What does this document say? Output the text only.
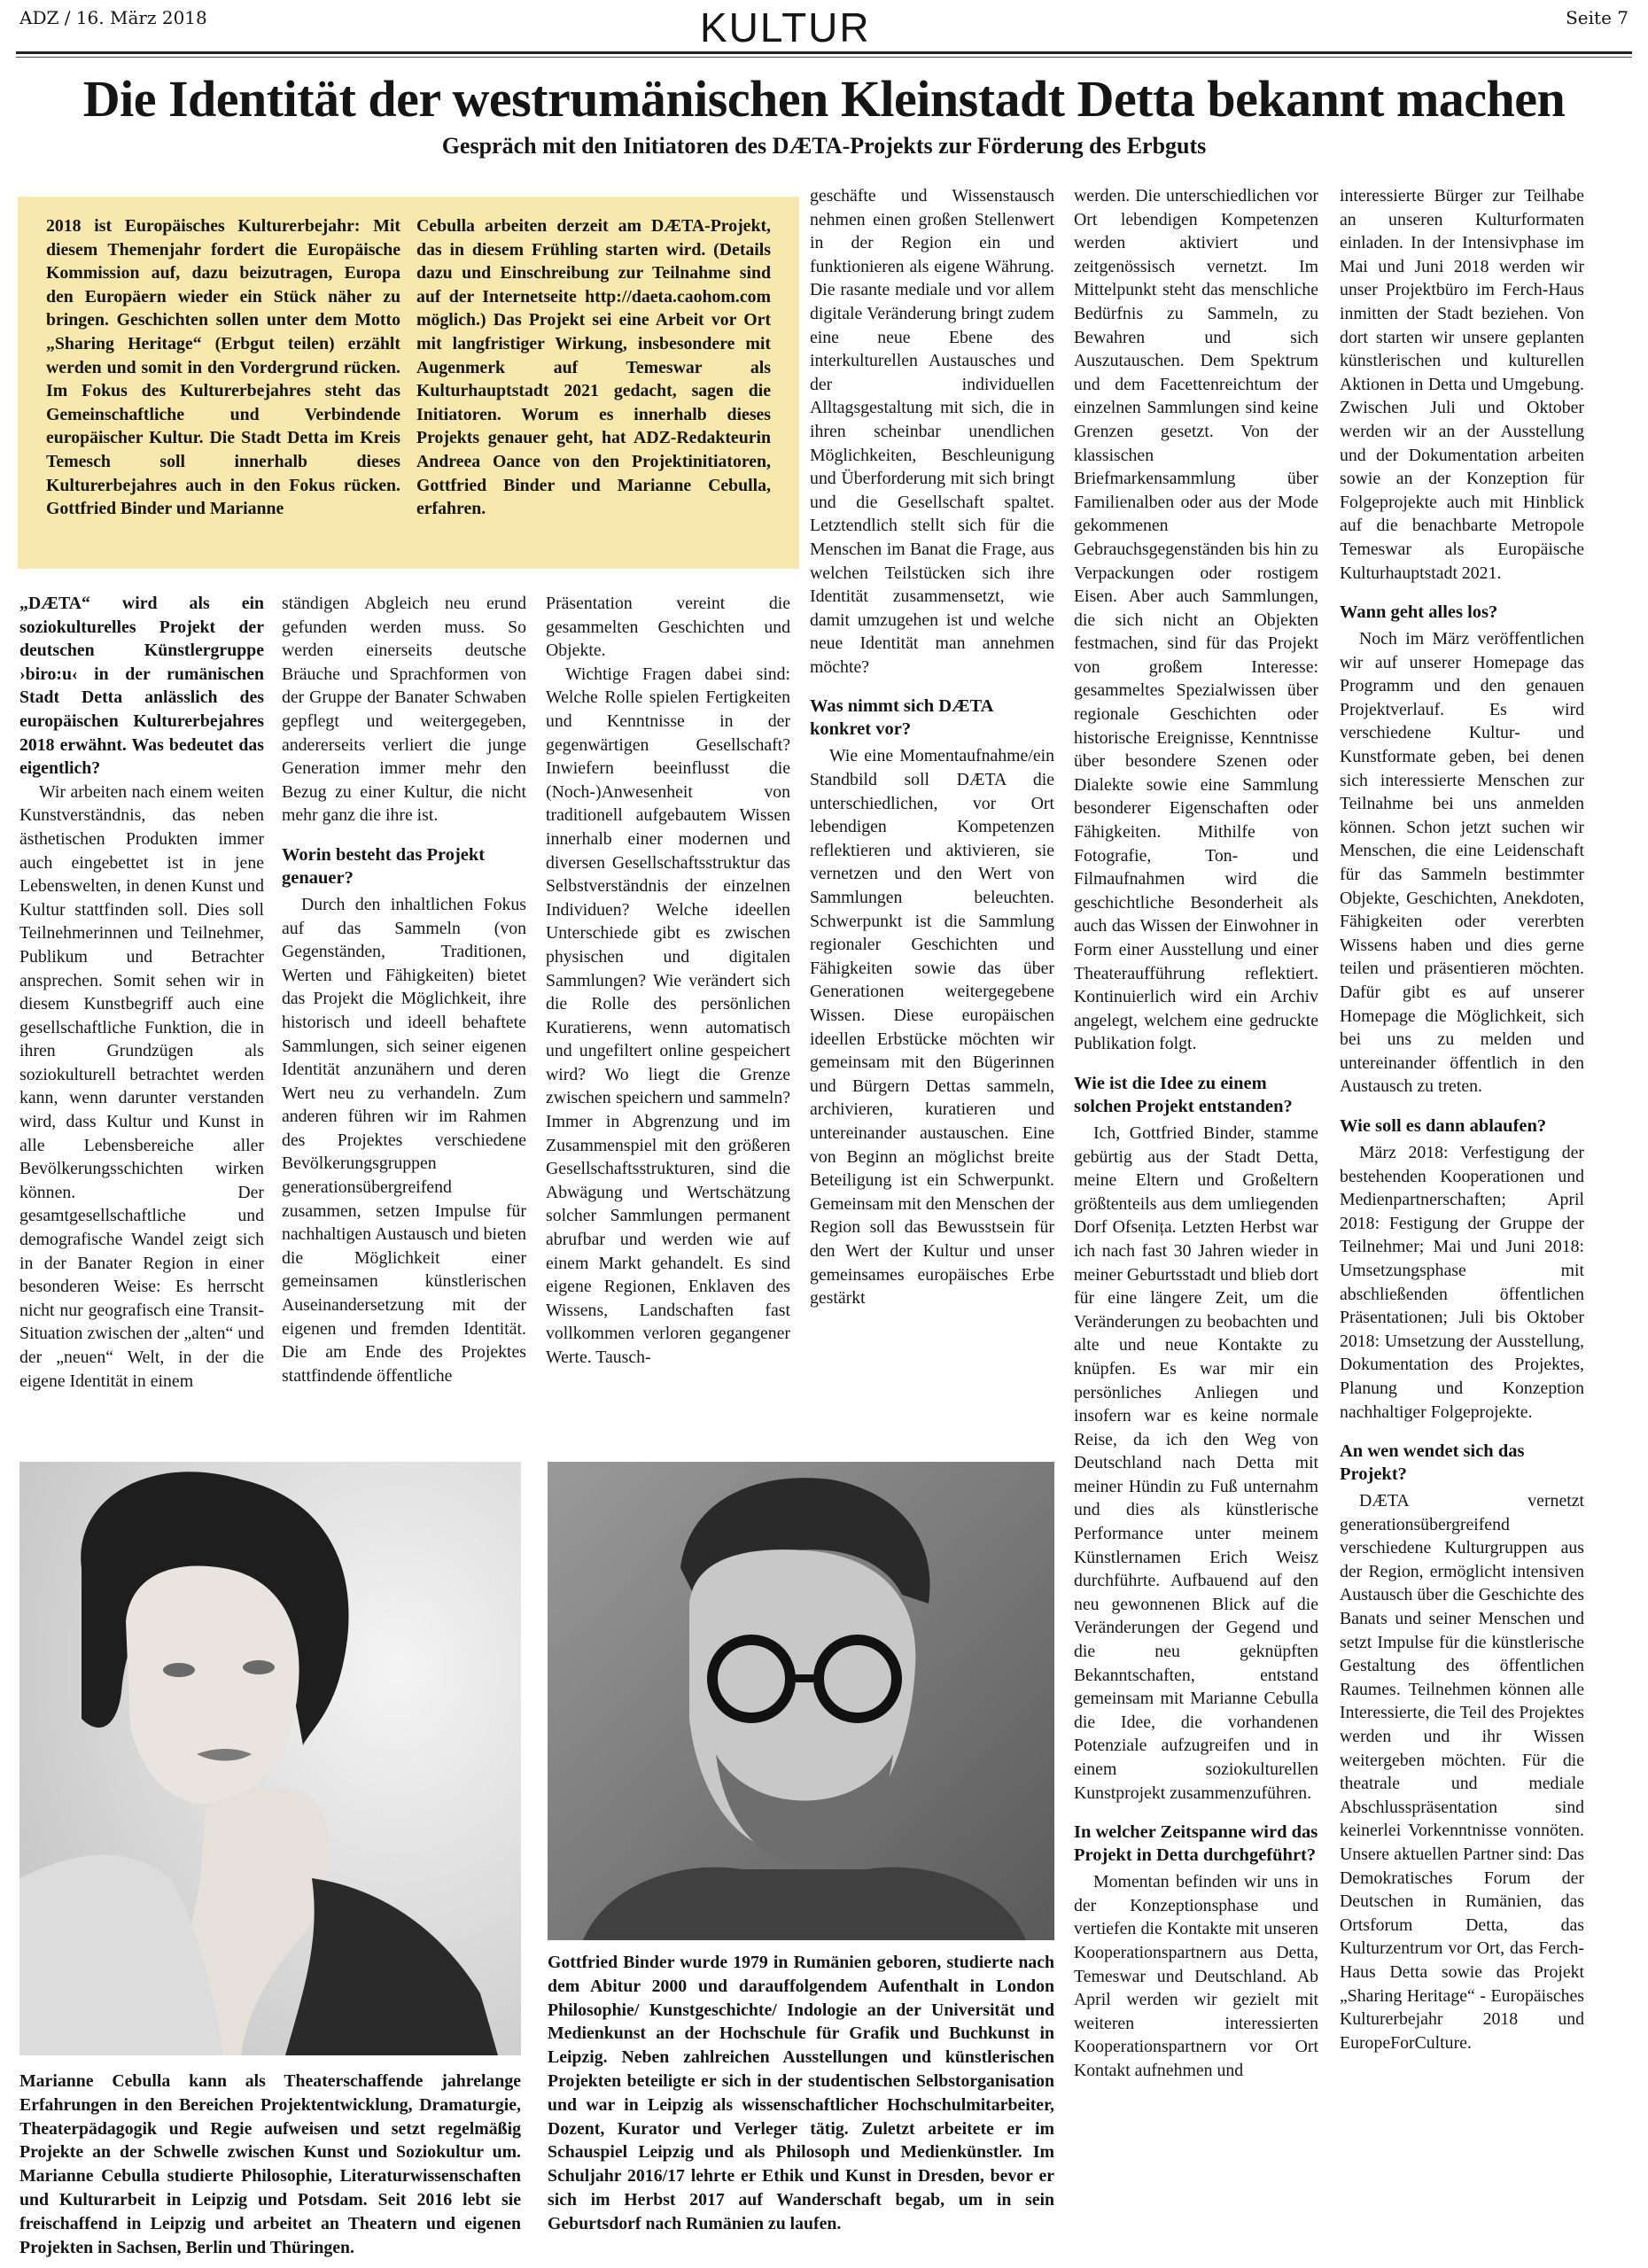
ADZ / 16. März 2018	KULTUR	Seite 7
Die Identität der westrumänischen Kleinstadt Detta bekannt machen
Gespräch mit den Initiatoren des DÆTA-Projekts zur Förderung des Erbguts
2018 ist Europäisches Kulturerbejahr: Mit diesem Themenjahr fordert die Europäische Kommission auf, dazu beizutragen, Europa den Europäern wieder ein Stück näher zu bringen. Geschichten sollen unter dem Motto „Sharing Heritage“ (Erbgut teilen) erzählt werden und somit in den Vordergrund rücken. Im Fokus des Kulturerbejahres steht das Gemeinschaftliche und Verbindende europäischer Kultur. Die Stadt Detta im Kreis Temesch soll innerhalb dieses Kulturerbejahres auch in den Fokus rücken. Gottfried Binder und Marianne
Cebulla arbeiten derzeit am DÆTA-Projekt, das in diesem Frühling starten wird. (Details dazu und Einschreibung zur Teilnahme sind auf der Internetseite http://daeta.caohom.com möglich.) Das Projekt sei eine Arbeit vor Ort mit langfristiger Wirkung, insbesondere mit Augenmerk auf Temeswar als Kulturhauptstadt 2021 gedacht, sagen die Initiatoren. Worum es innerhalb dieses Projekts genauer geht, hat ADZ-Redakteurin Andreea Oance von den Projektinitiatoren, Gottfried Binder und Marianne Cebulla, erfahren.

„DÆTA“ wird als ein soziokulturelles Projekt der deutschen Künstlergruppe ›biro:u‹ in der rumänischen Stadt Detta anlässlich des europäischen Kulturerbejahres 2018 erwähnt. Was bedeutet das eigentlich?

Wir arbeiten nach einem weiten Kunstverständnis, das neben ästhetischen Produkten immer auch eingebettet ist in jene Lebenswelten, in denen Kunst und Kultur stattfinden soll. Dies soll Teilnehmerinnen und Teilnehmer, Publikum und Betrachter ansprechen. Somit sehen wir in diesem Kunstbegriff auch eine gesellschaftliche Funktion, die in ihren Grundzügen als soziokulturell betrachtet werden kann, wenn darunter verstanden wird, dass Kultur und Kunst in alle Lebensbereiche aller Bevölkerungsschichten wirken können. Der gesamtgesellschaftliche und demografische Wandel zeigt sich in der Banater Region in einer besonderen Weise: Es herrscht nicht nur geografisch eine Transit-Situation zwischen der „alten“ und der „neuen“ Welt, in der die eigene Identität in einem

ständigen Abgleich neu erund gefunden werden muss. So werden einerseits deutsche Bräuche und Sprachformen von der Gruppe der Banater Schwaben gepflegt und weitergegeben, andererseits verliert die junge Generation immer mehr den Bezug zu einer Kultur, die nicht mehr ganz die ihre ist.

Worin besteht das Projekt genauer?

Durch den inhaltlichen Fokus auf das Sammeln (von Gegenständen, Traditionen, Werten und Fähigkeiten) bietet das Projekt die Möglichkeit, ihre historisch und ideell behaftete Sammlungen, sich seiner eigenen Identität anzunähern und deren Wert neu zu verhandeln. Zum anderen führen wir im Rahmen des Projektes verschiedene Bevölkerungsgruppen generationsübergreifend zusammen, setzen Impulse für nachhaltigen Austausch und bieten die Möglichkeit einer gemeinsamen künstlerischen Auseinandersetzung mit der eigenen und fremden Identität. Die am Ende des Projektes stattfindende öffentliche

Präsentation vereint die gesammelten Geschichten und Objekte.

Wichtige Fragen dabei sind: Welche Rolle spielen Fertigkeiten und Kenntnisse in der gegenwärtigen Gesellschaft? Inwiefern beeinflusst die (Noch-)Anwesenheit von traditionell aufgebautem Wissen innerhalb einer modernen und diversen Gesellschaftsstruktur das Selbstverständnis der einzelnen Individuen? Welche ideellen Unterschiede gibt es zwischen physischen und digitalen Sammlungen? Wie verändert sich die Rolle des persönlichen Kuratierens, wenn automatisch und ungefiltert online gespeichert wird? Wo liegt die Grenze zwischen speichern und sammeln? Immer in Abgrenzung und im Zusammenspiel mit den größeren Gesellschaftsstrukturen, sind die Abwägung und Wertschätzung solcher Sammlungen permanent abrufbar und werden wie auf einem Markt gehandelt. Es sind eigene Regionen, Enklaven des Wissens, Landschaften fast vollkommen verloren gegangener Werte. Tausch-

geschäfte und Wissenstausch nehmen einen großen Stellenwert in der Region ein und funktionieren als eigene Währung. Die rasante mediale und vor allem digitale Veränderung bringt zudem eine neue Ebene des interkulturellen Austausches und der individuellen Alltagsgestaltung mit sich, die in ihren scheinbar unendlichen Möglichkeiten, Beschleunigung und Überforderung mit sich bringt und die Gesellschaft spaltet. Letztendlich stellt sich für die Menschen im Banat die Frage, aus welchen Teilstücken sich ihre Identität zusammensetzt, wie damit umzugehen ist und welche neue Identität man annehmen möchte?

Was nimmt sich DÆTA konkret vor?

Wie eine Momentaufnahme/ein Standbild soll DÆTA die unterschiedlichen, vor Ort lebendigen Kompetenzen reflektieren und aktivieren, sie vernetzen und den Wert von Sammlungen beleuchten. Schwerpunkt ist die Sammlung regionaler Geschichten und Fähigkeiten sowie das über Generationen weitergegebene Wissen. Diese europäischen ideellen Erbstücke möchten wir gemeinsam mit den Bügerinnen und Bürgern Dettas sammeln, archivieren, kuratieren und untereinander austauschen. Eine von Beginn an möglichst breite Beteiligung ist ein Schwerpunkt. Gemeinsam mit den Menschen der Region soll das Bewusstsein für den Wert der Kultur und unser gemeinsames europäisches Erbe gestärkt

werden. Die unterschiedlichen vor Ort lebendigen Kompetenzen werden aktiviert und zeitgenössisch vernetzt. Im Mittelpunkt steht das menschliche Bedürfnis zu Sammeln, zu Bewahren und sich Auszutauschen. Dem Spektrum und dem Facettenreichtum der einzelnen Sammlungen sind keine Grenzen gesetzt. Von der klassischen Briefmarkensammlung über Familienalben oder aus der Mode gekommenen Gebrauchsgegenständen bis hin zu Verpackungen oder rostigem Eisen. Aber auch Sammlungen, die sich nicht an Objekten festmachen, sind für das Projekt von großem Interesse: gesammeltes Spezialwissen über regionale Geschichten oder historische Ereignisse, Kenntnisse über besondere Szenen oder Dialekte sowie eine Sammlung besonderer Eigenschaften oder Fähigkeiten. Mithilfe von Fotografie, Ton- und Filmaufnahmen wird die geschichtliche Besonderheit als auch das Wissen der Einwohner in Form einer Ausstellung und einer Theateraufführung reflektiert. Kontinuierlich wird ein Archiv angelegt, welchem eine gedruckte Publikation folgt.

Wie ist die Idee zu einem solchen Projekt entstanden?

Ich, Gottfried Binder, stamme gebürtig aus der Stadt Detta, meine Eltern und Großeltern größtenteils aus dem umliegenden Dorf Ofsenița. Letzten Herbst war ich nach fast 30 Jahren wieder in meiner Geburtsstadt und blieb dort für eine längere Zeit, um die Veränderungen zu beobachten und alte und neue Kontakte zu knüpfen. Es war mir ein persönliches Anliegen und insofern war es keine normale Reise, da ich den Weg von Deutschland nach Detta mit meiner Hündin zu Fuß unternahm und dies als künstlerische Performance unter meinem Künstlernamen Erich Weisz durchführte. Aufbauend auf den neu gewonnenen Blick auf die Veränderungen der Gegend und die neu geknüpften Bekanntschaften, entstand gemeinsam mit Marianne Cebulla die Idee, die vorhandenen Potenziale aufzugreifen und in einem soziokulturellen Kunstprojekt zusammenzuführen.

In welcher Zeitspanne wird das Projekt in Detta durchgeführt?

Momentan befinden wir uns in der Konzeptionsphase und vertiefen die Kontakte mit unseren Kooperationspartnern aus Detta, Temeswar und Deutschland. Ab April werden wir gezielt mit weiteren interessierten Kooperationspartnern vor Ort Kontakt aufnehmen und

interessierte Bürger zur Teilhabe an unseren Kulturformaten einladen. In der Intensivphase im Mai und Juni 2018 werden wir unser Projektbüro im Ferch-Haus inmitten der Stadt beziehen. Von dort starten wir unsere geplanten künstlerischen und kulturellen Aktionen in Detta und Umgebung. Zwischen Juli und Oktober werden wir an der Ausstellung und der Dokumentation arbeiten sowie an der Konzeption für Folgeprojekte auch mit Hinblick auf die benachbarte Metropole Temeswar als Europäische Kulturhauptstadt 2021.

Wann geht alles los?

Noch im März veröffentlichen wir auf unserer Homepage das Programm und den genauen Projektverlauf. Es wird verschiedene Kultur- und Kunstformate geben, bei denen sich interessierte Menschen zur Teilnahme bei uns anmelden können. Schon jetzt suchen wir Menschen, die eine Leidenschaft für das Sammeln bestimmter Objekte, Geschichten, Anekdoten, Fähigkeiten oder vererbten Wissens haben und dies gerne teilen und präsentieren möchten. Dafür gibt es auf unserer Homepage die Möglichkeit, sich bei uns zu melden und untereinander öffentlich in den Austausch zu treten.

Wie soll es dann ablaufen?

März 2018: Verfestigung der bestehenden Kooperationen und Medienpartnerschaften; April 2018: Festigung der Gruppe der Teilnehmer; Mai und Juni 2018: Umsetzungsphase mit abschließenden öffentlichen Präsentationen; Juli bis Oktober 2018: Umsetzung der Ausstellung, Dokumentation des Projektes, Planung und Konzeption nachhaltiger Folgeprojekte.

An wen wendet sich das Projekt?

DÆTA vernetzt generationsübergreifend verschiedene Kulturgruppen aus der Region, ermöglicht intensiven Austausch über die Geschichte des Banats und seiner Menschen und setzt Impulse für die künstlerische Gestaltung des öffentlichen Raumes. Teilnehmen können alle Interessierte, die Teil des Projektes werden und ihr Wissen weitergeben möchten. Für die theatrale und mediale Abschlusspräsentation sind keinerlei Vorkenntnisse vonnöten. Unsere aktuellen Partner sind: Das Demokratisches Forum der Deutschen in Rumänien, das Ortsforum Detta, das Kulturzentrum vor Ort, das Ferch-Haus Detta sowie das Projekt „Sharing Heritage“ - Europäisches Kulturerbejahr 2018 und EuropeForCulture.

Marianne Cebulla kann als Theaterschaffende jahrelange Erfahrungen in den Bereichen Projektentwicklung, Dramaturgie, Theaterpädagogik und Regie aufweisen und setzt regelmäßig Projekte an der Schwelle zwischen Kunst und Soziokultur um. Marianne Cebulla studierte Philosophie, Literaturwissenschaften und Kulturarbeit in Leipzig und Potsdam. Seit 2016 lebt sie freischaffend in Leipzig und arbeitet an Theatern und eigenen Projekten in Sachsen, Berlin und Thüringen.
Gottfried Binder wurde 1979 in Rumänien geboren, studierte nach dem Abitur 2000 und darauffolgendem Aufenthalt in London Philosophie/ Kunstgeschichte/ Indologie an der Universität und Medienkunst an der Hochschule für Grafik und Buchkunst in Leipzig. Neben zahlreichen Ausstellungen und künstlerischen Projekten beteiligte er sich in der studentischen Selbstorganisation und war in Leipzig als wissenschaftlicher Hochschulmitarbeiter, Dozent, Kurator und Verleger tätig. Zuletzt arbeitete er im Schauspiel Leipzig und als Philosoph und Medienkünstler. Im Schuljahr 2016/17 lehrte er Ethik und Kunst in Dresden, bevor er sich im Herbst 2017 auf Wanderschaft begab, um in sein Geburtsdorf nach Rumänien zu laufen.
